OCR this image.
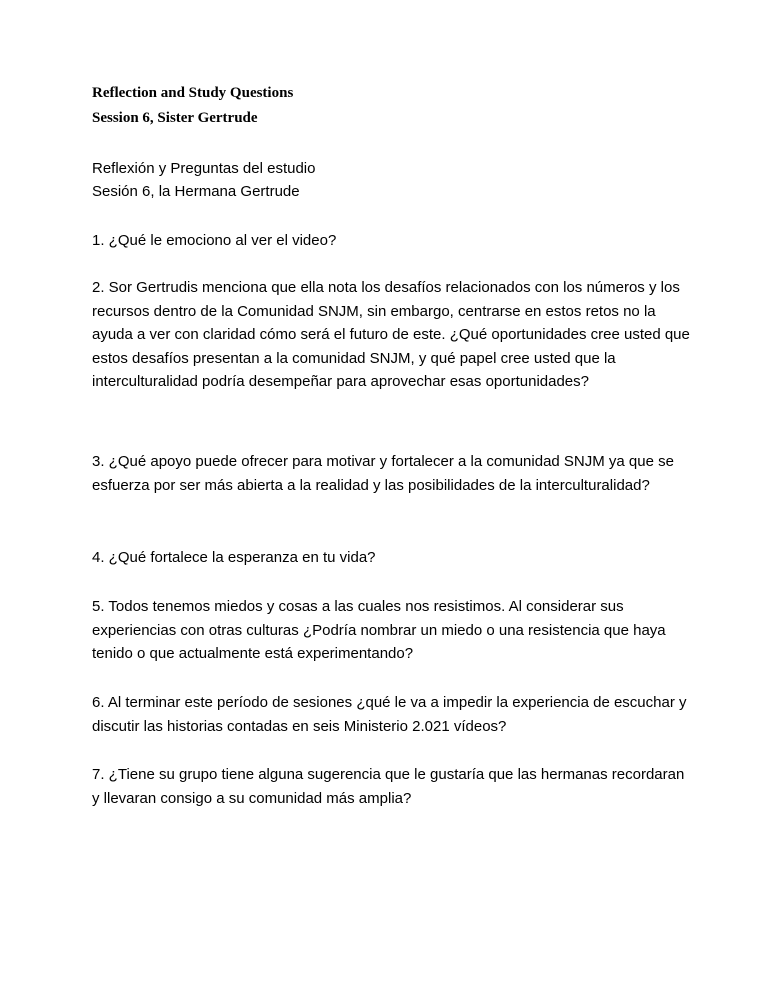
Reflection and Study Questions
Session 6, Sister Gertrude
Reflexión y Preguntas del estudio
Sesión 6, la Hermana Gertrude

1. ¿Qué le emociono al ver el video?

2. Sor Gertrudis menciona que ella nota los desafíos relacionados con los números y los recursos dentro de la Comunidad SNJM, sin embargo, centrarse en estos retos no la ayuda a ver con claridad cómo será el futuro de este. ¿Qué oportunidades cree usted que estos desafíos presentan a la comunidad SNJM, y qué papel cree usted que la interculturalidad podría desempeñar para aprovechar esas oportunidades?

3. ¿Qué apoyo puede ofrecer para motivar y fortalecer a la comunidad SNJM ya que se esfuerza por ser más abierta a la realidad y las posibilidades de la interculturalidad?

4. ¿Qué fortalece la esperanza en tu vida?

5. Todos tenemos miedos y cosas a las cuales nos resistimos. Al considerar sus experiencias con otras culturas ¿Podría nombrar un miedo o una resistencia que haya tenido o que actualmente está experimentando?

6. Al terminar este período de sesiones ¿qué le va a impedir la experiencia de escuchar y discutir las historias contadas en seis Ministerio 2.021 vídeos?

7. ¿Tiene su grupo tiene alguna sugerencia que le gustaría que las hermanas recordaran y llevaran consigo a su comunidad más amplia?
